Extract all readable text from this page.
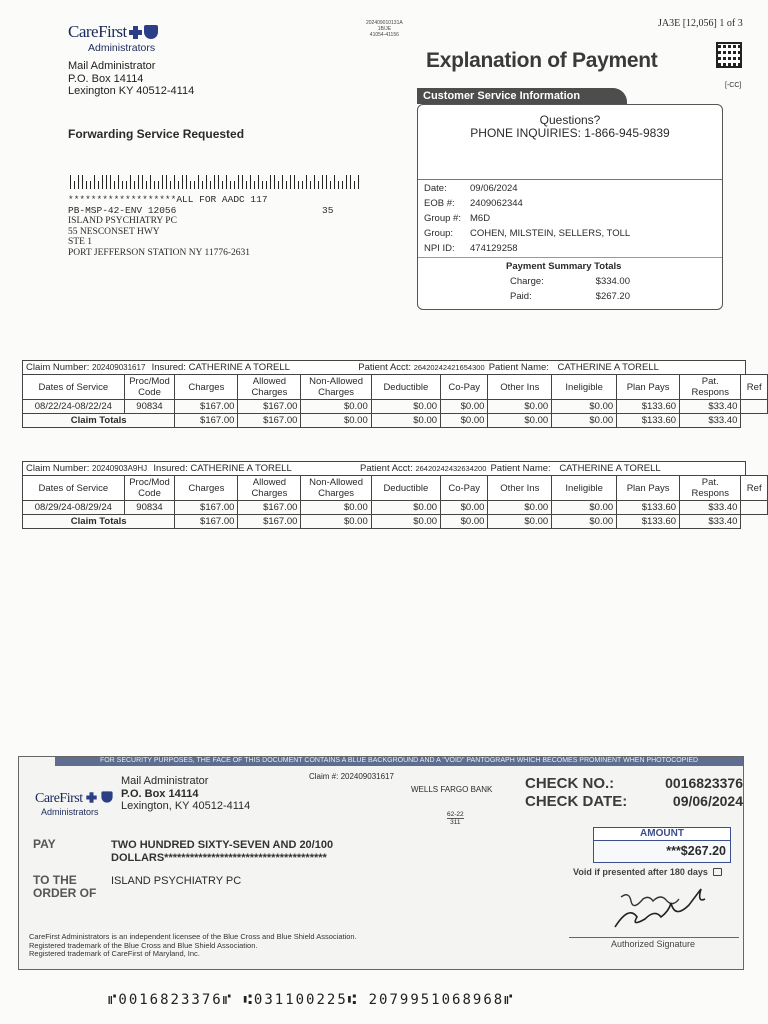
CareFirst
Administrators
Mail Administrator
P.O. Box 14114
Lexington KY 40512-4114
202409010131A
1B/JE
41054-41156
JA3E [12,056] 1 of 3
[-CC]
Explanation of Payment
Forwarding Service Requested
*******************ALL FOR AADC 117
PB-MSP-42-ENV 12056	35
ISLAND PSYCHIATRY PC
55 NESCONSET HWY
STE 1
PORT JEFFERSON STATION NY 11776-2631
Customer Service Information
Questions?
PHONE INQUIRIES: 1-866-945-9839
Date: 09/06/2024
EOB #: 2409062344
Group #: M6D
Group: COHEN, MILSTEIN, SELLERS, TOLL
NPI ID: 474129258
Payment Summary Totals
Charge:	$334.00
Paid:	$267.20
Claim Number: 202409031617 Insured: CATHERINE A TORELL	Patient Acct: 26420242421654300 Patient Name: CATHERINE A TORELL
Dates of Service	Proc/Mod Code	Charges	Allowed Charges	Non-Allowed Charges	Deductible	Co-Pay	Other Ins	Ineligible	Plan Pays	Pat. Respons	Ref
08/22/24-08/22/24	90834	$167.00	$167.00	$0.00	$0.00	$0.00	$0.00	$0.00	$133.60	$33.40	
Claim Totals		$167.00	$167.00	$0.00	$0.00	$0.00	$0.00	$0.00	$133.60	$33.40	
Claim Number: 20240903A9HJ Insured: CATHERINE A TORELL	Patient Acct: 26420242432634200 Patient Name: CATHERINE A TORELL
Dates of Service	Proc/Mod Code	Charges	Allowed Charges	Non-Allowed Charges	Deductible	Co-Pay	Other Ins	Ineligible	Plan Pays	Pat. Respons	Ref
08/29/24-08/29/24	90834	$167.00	$167.00	$0.00	$0.00	$0.00	$0.00	$0.00	$133.60	$33.40	
Claim Totals		$167.00	$167.00	$0.00	$0.00	$0.00	$0.00	$0.00	$133.60	$33.40	
FOR SECURITY PURPOSES, THE FACE OF THIS DOCUMENT CONTAINS A BLUE BACKGROUND AND A "VOID" PANTOGRAPH WHICH BECOMES PROMINENT WHEN PHOTOCOPIED
CareFirst
Administrators
Mail Administrator
P.O. Box 14114
Lexington, KY 40512-4114
Claim #: 202409031617
WELLS FARGO BANK
62-22
311
CHECK NO.:	0016823376
CHECK DATE:	09/06/2024
PAY	TWO HUNDRED SIXTY-SEVEN AND 20/100
DOLLARS**************************************
AMOUNT
***$267.20
Void if presented after 180 days
TO THE
ORDER OF
ISLAND PSYCHIATRY PC
Authorized Signature
CareFirst Administrators is an independent licensee of the Blue Cross and Blue Shield Association.
Registered trademark of the Blue Cross and Blue Shield Association.
Registered trademark of CareFirst of Maryland, Inc.
⑈0016823376⑈ ⑆031100225⑆ 2079951068968⑈
